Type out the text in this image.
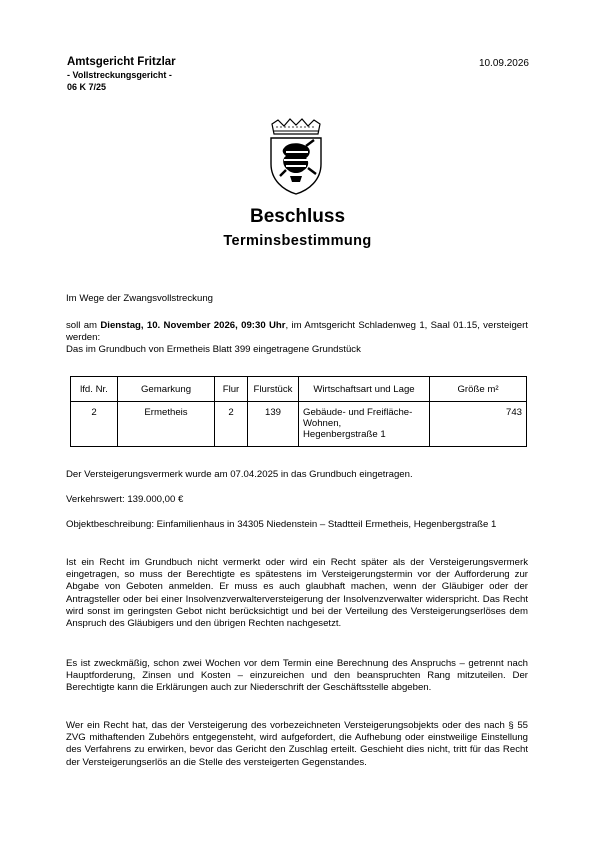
Amtsgericht Fritzlar
- Vollstreckungsgericht -
06 K 7/25
10.09.2026
Beschluss
Terminsbestimmung
Im Wege der Zwangsvollstreckung
soll am Dienstag, 10. November 2026, 09:30 Uhr, im Amtsgericht Schladenweg 1, Saal 01.15, versteigert werden:
Das im Grundbuch von Ermetheis Blatt 399 eingetragene Grundstück
lfd. Nr.	Gemarkung	Flur	Flurstück	Wirtschaftsart und Lage	Größe m²
2	Ermetheis	2	139	Gebäude- und Freifläche-
Wohnen,
Hegenbergstraße 1	743
Der Versteigerungsvermerk wurde am 07.04.2025 in das Grundbuch eingetragen.
Verkehrswert: 139.000,00 €
Objektbeschreibung: Einfamilienhaus in 34305 Niedenstein – Stadtteil Ermetheis, Hegenbergstraße 1
Ist ein Recht im Grundbuch nicht vermerkt oder wird ein Recht später als der Versteigerungsvermerk eingetragen, so muss der Berechtigte es spätestens im Versteigerungstermin vor der Aufforderung zur Abgabe von Geboten anmelden. Er muss es auch glaubhaft machen, wenn der Gläubiger oder der Antragsteller oder bei einer Insolvenzverwalterversteigerung der Insolvenzverwalter widerspricht. Das Recht wird sonst im geringsten Gebot nicht berücksichtigt und bei der Verteilung des Versteigerungserlöses dem Anspruch des Gläubigers und den übrigen Rechten nachgesetzt.
Es ist zweckmäßig, schon zwei Wochen vor dem Termin eine Berechnung des Anspruchs – getrennt nach Hauptforderung, Zinsen und Kosten – einzureichen und den beanspruchten Rang mitzuteilen. Der Berechtigte kann die Erklärungen auch zur Niederschrift der Geschäftsstelle abgeben.
Wer ein Recht hat, das der Versteigerung des vorbezeichneten Versteigerungsobjekts oder des nach § 55 ZVG mithaftenden Zubehörs entgegensteht, wird aufgefordert, die Aufhebung oder einstweilige Einstellung des Verfahrens zu erwirken, bevor das Gericht den Zuschlag erteilt. Geschieht dies nicht, tritt für das Recht der Versteigerungserlös an die Stelle des versteigerten Gegenstandes.
